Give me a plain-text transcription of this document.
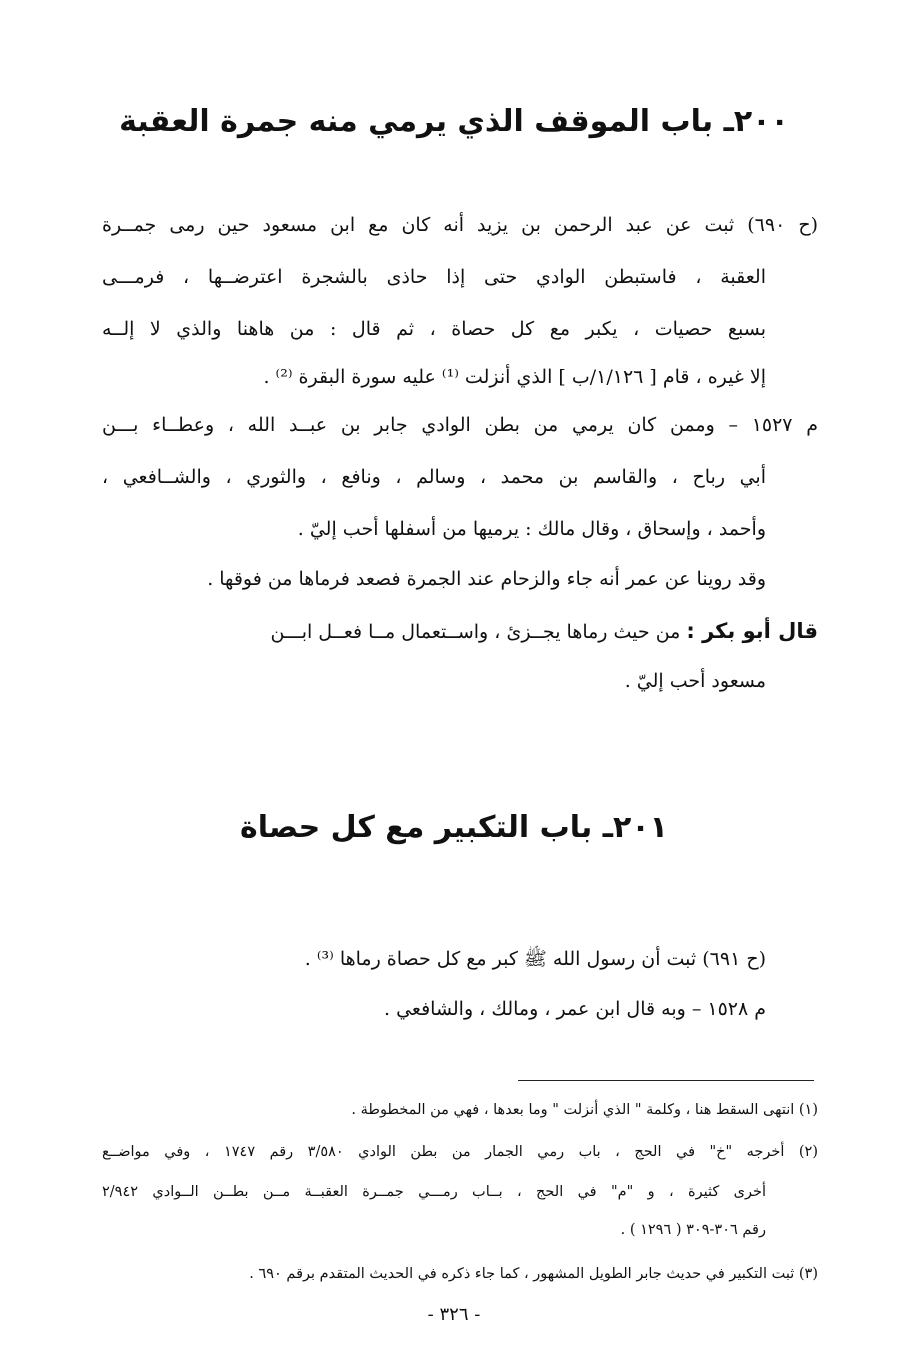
٢٠٠ـ باب الموقف الذي يرمي منه جمرة العقبة
(ح ٦٩٠) ثبت عن عبد الرحمن بن يزيد أنه كان مع ابن مسعود حين رمى جمــرة
العقبة ، فاستبطن الوادي حتى إذا حاذى بالشجرة اعترضــها ، فرمـــى
بسبع حصيات ، يكبر مع كل حصاة ، ثم قال : من هاهنا والذي لا إلــه
إلا غيره ، قام [ ١/١٢٦/ب ] الذي أنزلت ⁽¹⁾ عليه سورة البقرة ⁽²⁾ .
م ١٥٢٧ – وممن كان يرمي من بطن الوادي جابر بن عبــد الله ، وعطــاء بـــن
أبي رباح ، والقاسم بن محمد ، وسالم ، ونافع ، والثوري ، والشــافعي ،
وأحمد ، وإسحاق ، وقال مالك : يرميها من أسفلها أحب إليّ .
وقد روينا عن عمر أنه جاء والزحام عند الجمرة فصعد فرماها من فوقها .
قال أبو بكر : من حيث رماها يجــزئ ، واســتعمال مــا فعــل ابـــن
مسعود أحب إليّ .
٢٠١ـ باب التكبير مع كل حصاة
(ح ٦٩١) ثبت أن رسول الله ﷺ كبر مع كل حصاة رماها ⁽³⁾ .
م ١٥٢٨ – وبه قال ابن عمر ، ومالك ، والشافعي .
(١) انتهى السقط هنا ، وكلمة " الذي أنزلت " وما بعدها ، فهي من المخطوطة .
(٢) أخرجه "خ" في الحج ، باب رمي الجمار من بطن الوادي ٣/٥٨٠ رقم ١٧٤٧ ، وفي مواضــع
أخرى كثيرة ، و "م" في الحج ، بــاب رمـــي جمــرة العقبــة مــن بطــن الــوادي ٢/٩٤٢
رقم ٣٠٦-٣٠٩ ( ١٢٩٦ ) .
(٣) ثبت التكبير في حديث جابر الطويل المشهور ، كما جاء ذكره في الحديث المتقدم برقم ٦٩٠ .
- ٣٢٦ -
